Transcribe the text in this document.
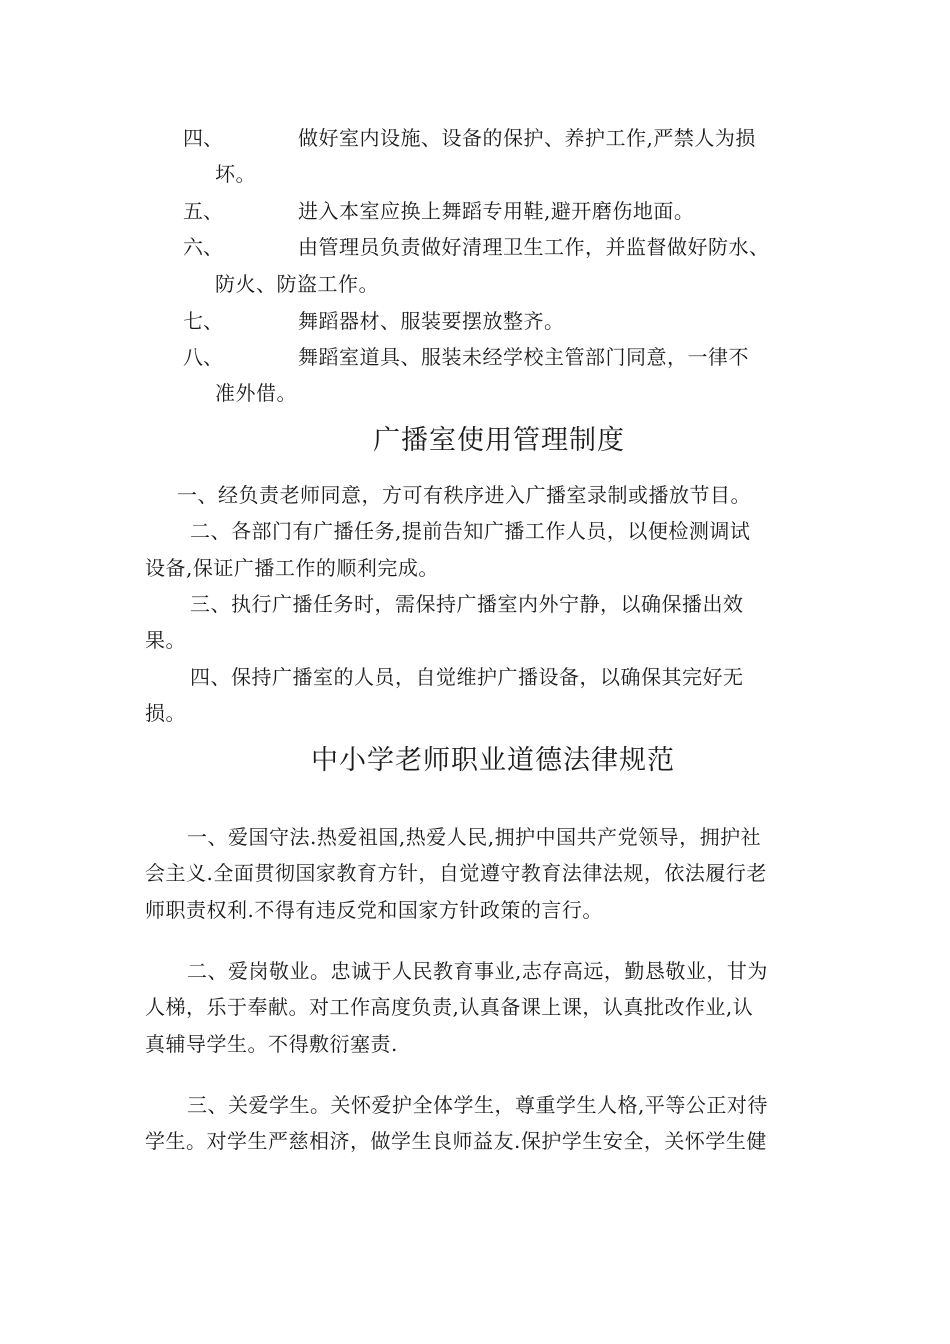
四、	做好室内设施、设备的保护、养护工作,严禁人为损
坏。
五、	进入本室应换上舞蹈专用鞋,避开磨伤地面。
六、	由管理员负责做好清理卫生工作，并监督做好防水、
防火、防盗工作。
七、	舞蹈器材、服装要摆放整齐。
八、	舞蹈室道具、服装未经学校主管部门同意，一律不
准外借。
广播室使用管理制度
一、经负责老师同意，方可有秩序进入广播室录制或播放节目。
二、各部门有广播任务,提前告知广播工作人员，以便检测调试
设备,保证广播工作的顺利完成。
三、执行广播任务时，需保持广播室内外宁静，以确保播出效
果。
四、保持广播室的人员，自觉维护广播设备，以确保其完好无
损。
中小学老师职业道德法律规范
一、爱国守法.热爱祖国,热爱人民,拥护中国共产党领导，拥护社
会主义.全面贯彻国家教育方针，自觉遵守教育法律法规，依法履行老
师职责权利.不得有违反党和国家方针政策的言行。
二、爱岗敬业。忠诚于人民教育事业,志存高远，勤恳敬业，甘为
人梯，乐于奉献。对工作高度负责,认真备课上课，认真批改作业,认
真辅导学生。不得敷衍塞责.
三、关爱学生。关怀爱护全体学生，尊重学生人格,平等公正对待
学生。对学生严慈相济，做学生良师益友.保护学生安全，关怀学生健
